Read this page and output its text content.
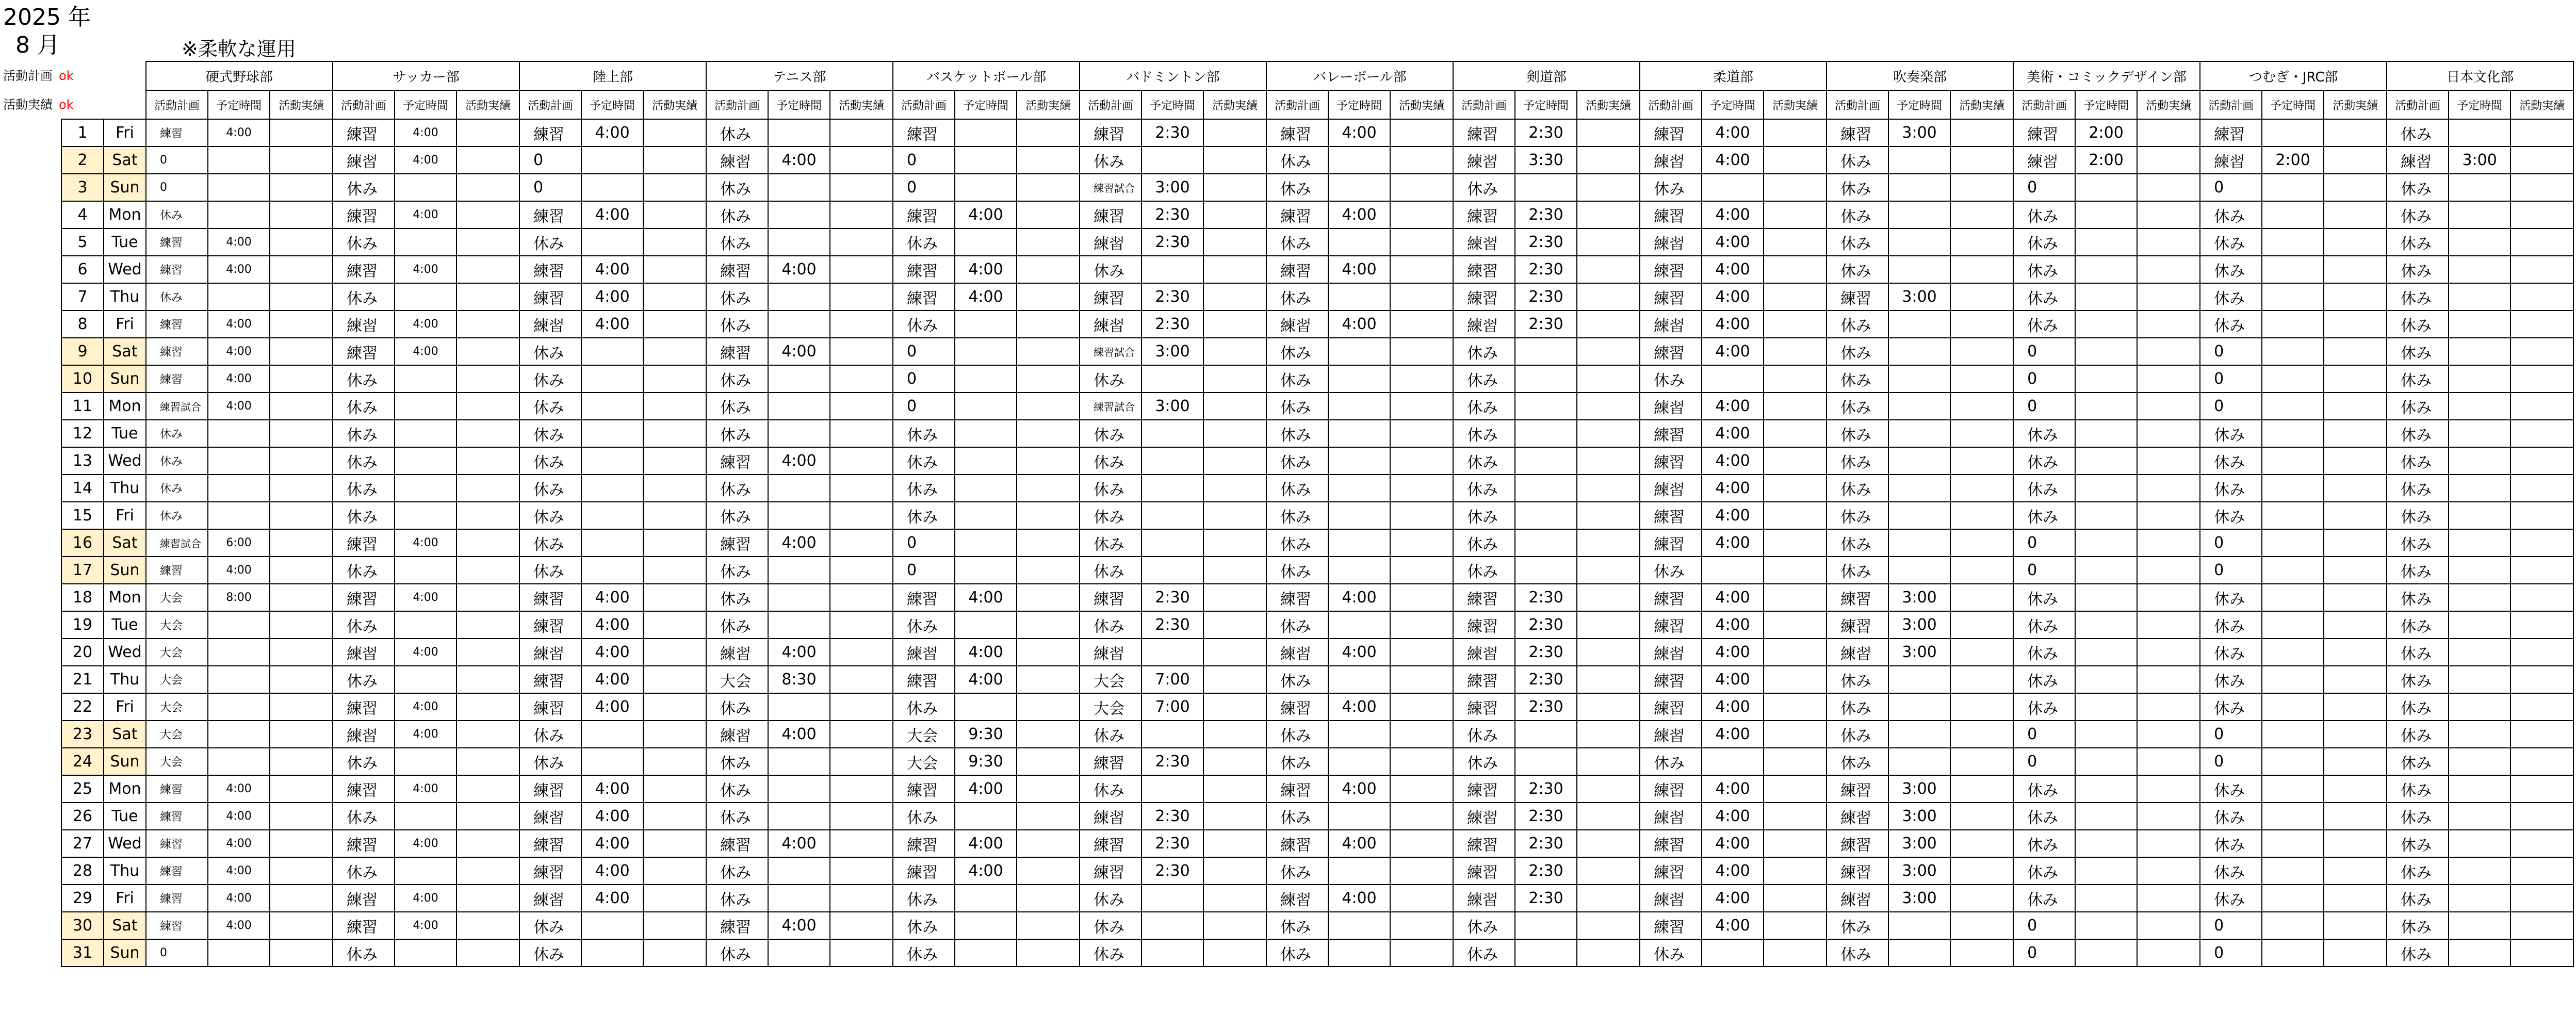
2025 年
8 月	※柔軟な運用
活動計画 ok
活動実績 ok
		硬式野球部			サッカー部			陸上部			テニス部			バスケットボール部			バドミントン部			バレーボール部			剣道部			柔道部			吹奏楽部			美術・コミックデザイン部			つむぎ・JRC部			日本文化部		
		活動計画	予定時間	活動実績	活動計画	予定時間	活動実績	活動計画	予定時間	活動実績	活動計画	予定時間	活動実績	活動計画	予定時間	活動実績	活動計画	予定時間	活動実績	活動計画	予定時間	活動実績	活動計画	予定時間	活動実績	活動計画	予定時間	活動実績	活動計画	予定時間	活動実績	活動計画	予定時間	活動実績	活動計画	予定時間	活動実績	活動計画	予定時間	活動実績
1	Fri	練習	4:00		練習	4:00		練習	4:00		休み			練習			練習	2:30		練習	4:00		練習	2:30		練習	4:00		練習	3:00		練習	2:00		練習			休み		
2	Sat	0			練習	4:00		0			練習	4:00		0			休み			休み			練習	3:30		練習	4:00		休み			練習	2:00		練習	2:00		練習	3:00	
3	Sun	0			休み			0			休み			0			練習試合	3:00		休み			休み			休み			休み			0			0			休み		
4	Mon	休み			練習	4:00		練習	4:00		休み			練習	4:00		練習	2:30		練習	4:00		練習	2:30		練習	4:00		休み			休み			休み			休み		
5	Tue	練習	4:00		休み			休み			休み			休み			練習	2:30		休み			練習	2:30		練習	4:00		休み			休み			休み			休み		
6	Wed	練習	4:00		練習	4:00		練習	4:00		練習	4:00		練習	4:00		休み			練習	4:00		練習	2:30		練習	4:00		休み			休み			休み			休み		
7	Thu	休み			休み			練習	4:00		休み			練習	4:00		練習	2:30		休み			練習	2:30		練習	4:00		練習	3:00		休み			休み			休み		
8	Fri	練習	4:00		練習	4:00		練習	4:00		休み			休み			練習	2:30		練習	4:00		練習	2:30		練習	4:00		休み			休み			休み			休み		
9	Sat	練習	4:00		練習	4:00		休み			練習	4:00		0			練習試合	3:00		休み			休み			練習	4:00		休み			0			0			休み		
10	Sun	練習	4:00		休み			休み			休み			0			休み			休み			休み			休み			休み			0			0			休み		
11	Mon	練習試合	4:00		休み			休み			休み			0			練習試合	3:00		休み			休み			練習	4:00		休み			0			0			休み		
12	Tue	休み			休み			休み			休み			休み			休み			休み			休み			練習	4:00		休み			休み			休み			休み		
13	Wed	休み			休み			休み			練習	4:00		休み			休み			休み			休み			練習	4:00		休み			休み			休み			休み		
14	Thu	休み			休み			休み			休み			休み			休み			休み			休み			練習	4:00		休み			休み			休み			休み		
15	Fri	休み			休み			休み			休み			休み			休み			休み			休み			練習	4:00		休み			休み			休み			休み		
16	Sat	練習試合	6:00		練習	4:00		休み			練習	4:00		0			休み			休み			休み			練習	4:00		休み			0			0			休み		
17	Sun	練習	4:00		休み			休み			休み			0			休み			休み			休み			休み			休み			0			0			休み		
18	Mon	大会	8:00		練習	4:00		練習	4:00		休み			練習	4:00		練習	2:30		練習	4:00		練習	2:30		練習	4:00		練習	3:00		休み			休み			休み		
19	Tue	大会			休み			練習	4:00		休み			休み			休み	2:30		休み			練習	2:30		練習	4:00		練習	3:00		休み			休み			休み		
20	Wed	大会			練習	4:00		練習	4:00		練習	4:00		練習	4:00		練習			練習	4:00		練習	2:30		練習	4:00		練習	3:00		休み			休み			休み		
21	Thu	大会			休み			練習	4:00		大会	8:30		練習	4:00		大会	7:00		休み			練習	2:30		練習	4:00		休み			休み			休み			休み		
22	Fri	大会			練習	4:00		練習	4:00		休み			休み			大会	7:00		練習	4:00		練習	2:30		練習	4:00		休み			休み			休み			休み		
23	Sat	大会			練習	4:00		休み			練習	4:00		大会	9:30		休み			休み			休み			練習	4:00		休み			0			0			休み		
24	Sun	大会			休み			休み			休み			大会	9:30		練習	2:30		休み			休み			休み			休み			0			0			休み		
25	Mon	練習	4:00		練習	4:00		練習	4:00		休み			練習	4:00		休み			練習	4:00		練習	2:30		練習	4:00		練習	3:00		休み			休み			休み		
26	Tue	練習	4:00		休み			練習	4:00		休み			休み			練習	2:30		休み			練習	2:30		練習	4:00		練習	3:00		休み			休み			休み		
27	Wed	練習	4:00		練習	4:00		練習	4:00		練習	4:00		練習	4:00		練習	2:30		練習	4:00		練習	2:30		練習	4:00		練習	3:00		休み			休み			休み		
28	Thu	練習	4:00		休み			練習	4:00		休み			練習	4:00		練習	2:30		休み			練習	2:30		練習	4:00		練習	3:00		休み			休み			休み		
29	Fri	練習	4:00		練習	4:00		練習	4:00		休み			休み			休み			練習	4:00		練習	2:30		練習	4:00		練習	3:00		休み			休み			休み		
30	Sat	練習	4:00		練習	4:00		休み			練習	4:00		休み			休み			休み			休み			練習	4:00		休み			0			0			休み		
31	Sun	0			休み			休み			休み			休み			休み			休み			休み			休み			休み			0			0			休み		
